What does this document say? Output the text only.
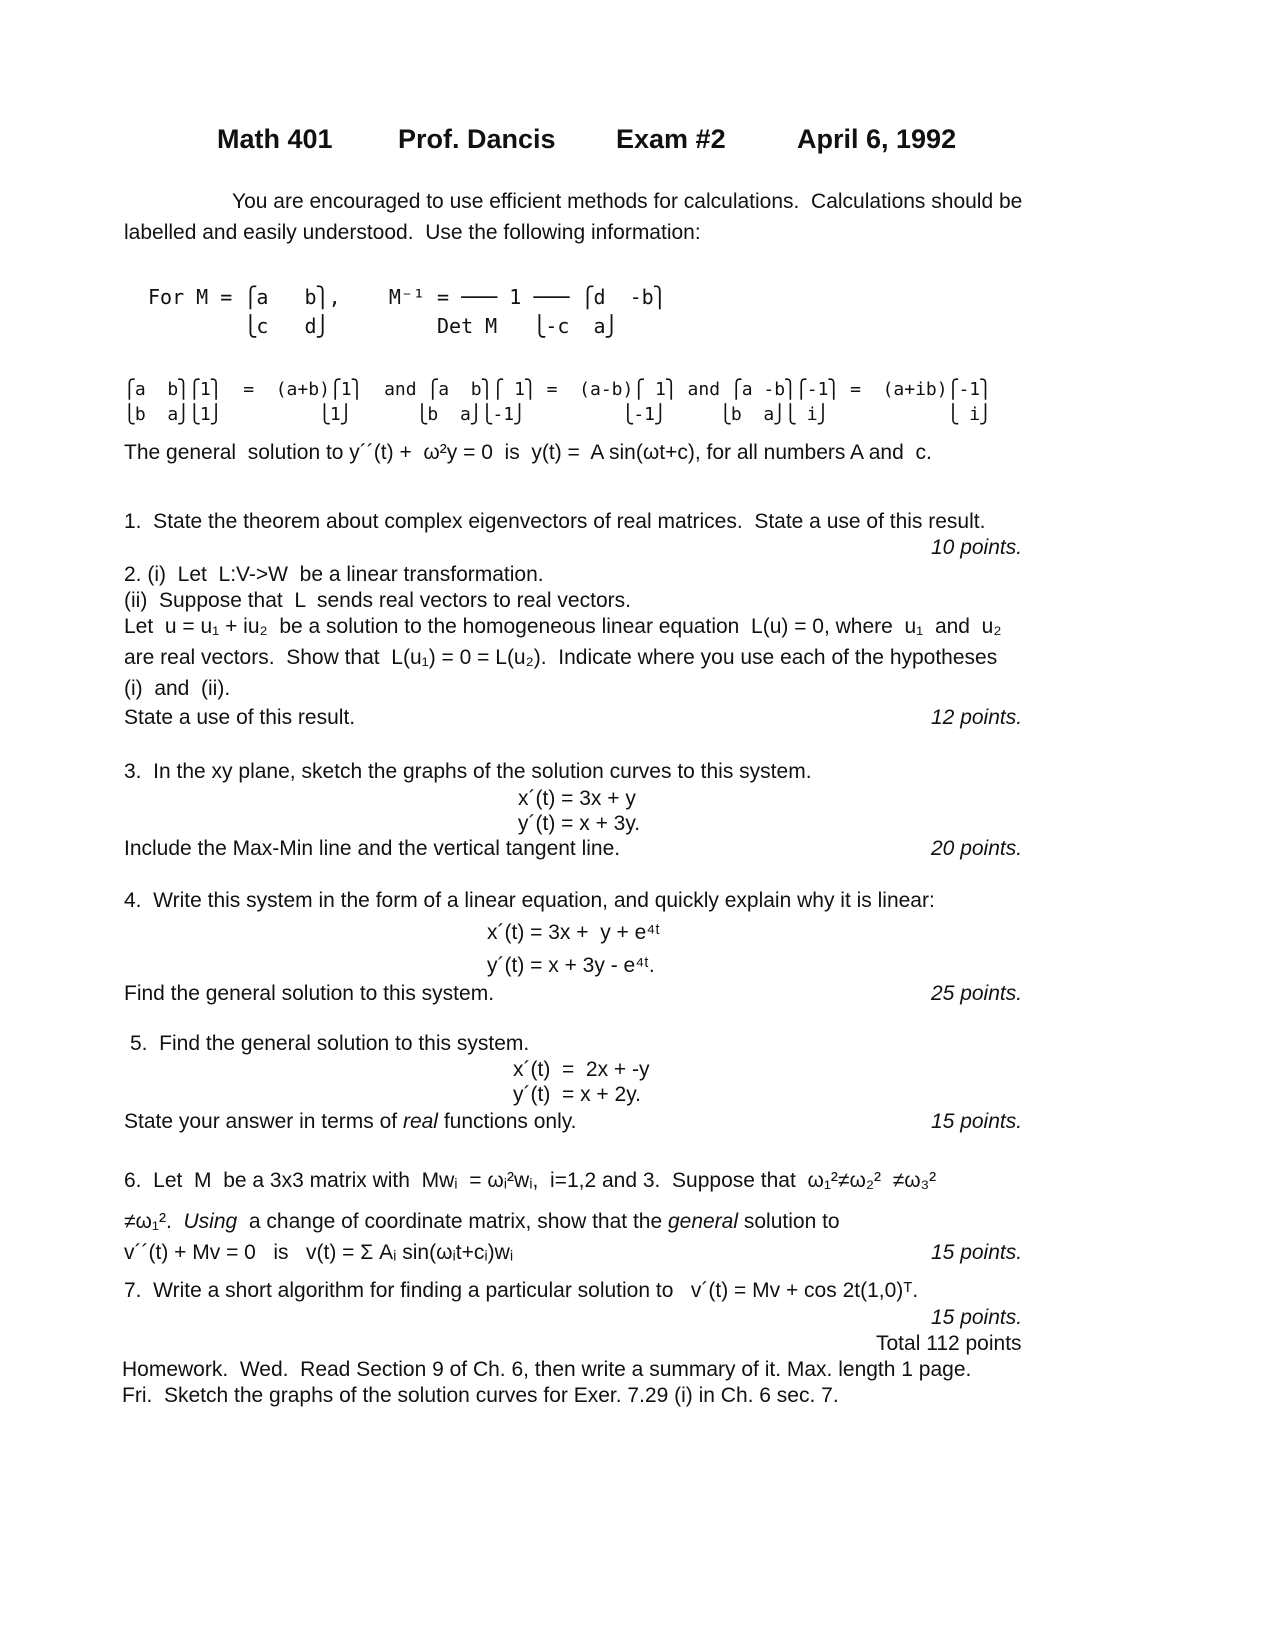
Math 401 Prof. Dancis Exam #2	April 6, 1992
You are encouraged to use efficient methods for calculations.  Calculations should be
labelled and easily understood.  Use the following information:
For M = ⎧a   b⎫,    M⁻¹ = ─── 1 ─── ⎧d  -b⎫
⎩c   d⎭         Det M   ⎩-c  a⎭
⎧a  b⎫⎧1⎫  =  (a+b)⎧1⎫  and ⎧a  b⎫⎧ 1⎫ =  (a-b)⎧ 1⎫ and ⎧a -b⎫⎧-1⎫ =  (a+ib)⎧-1⎫
⎩b  a⎭⎩1⎭         ⎩1⎭      ⎩b  a⎭⎩-1⎭         ⎩-1⎭     ⎩b  a⎭⎩ i⎭           ⎩ i⎭
The general  solution to y´´(t) +  ω²y = 0  is  y(t) =  A sin(ωt+c), for all numbers A and  c.
1.  State the theorem about complex eigenvectors of real matrices.  State a use of this result.
10 points.
2. (i)  Let  L:V->W  be a linear transformation.
(ii)  Suppose that  L  sends real vectors to real vectors.
Let  u = u₁ + iu₂  be a solution to the homogeneous linear equation  L(u) = 0, where  u₁  and  u₂
are real vectors.  Show that  L(u₁) = 0 = L(u₂).  Indicate where you use each of the hypotheses
(i)  and  (ii).
State a use of this result.	12 points.
3.  In the xy plane, sketch the graphs of the solution curves to this system.
x´(t) = 3x + y
y´(t) = x + 3y.
Include the Max-Min line and the vertical tangent line.	20 points.
4.  Write this system in the form of a linear equation, and quickly explain why it is linear:
x´(t) = 3x +  y + e⁴ᵗ
y´(t) = x + 3y - e⁴ᵗ.
Find the general solution to this system.	25 points.
5.  Find the general solution to this system.
x´(t)  =  2x + -y
y´(t)  = x + 2y.
State your answer in terms of real functions only.	15 points.
6.  Let  M  be a 3x3 matrix with  Mwᵢ  = ωᵢ²wᵢ,  i=1,2 and 3.  Suppose that  ω₁²≠ω₂²  ≠ω₃²
≠ω₁².  Using  a change of coordinate matrix, show that the general solution to
v´´(t) + Mv = 0   is   v(t) = Σ Aᵢ sin(ωᵢt+cᵢ)wᵢ	15 points.
7.  Write a short algorithm for finding a particular solution to   v´(t) = Mv + cos 2t(1,0)ᵀ.
15 points.
Total 112 points
Homework.  Wed.  Read Section 9 of Ch. 6, then write a summary of it. Max. length 1 page.
Fri.  Sketch the graphs of the solution curves for Exer. 7.29 (i) in Ch. 6 sec. 7.
